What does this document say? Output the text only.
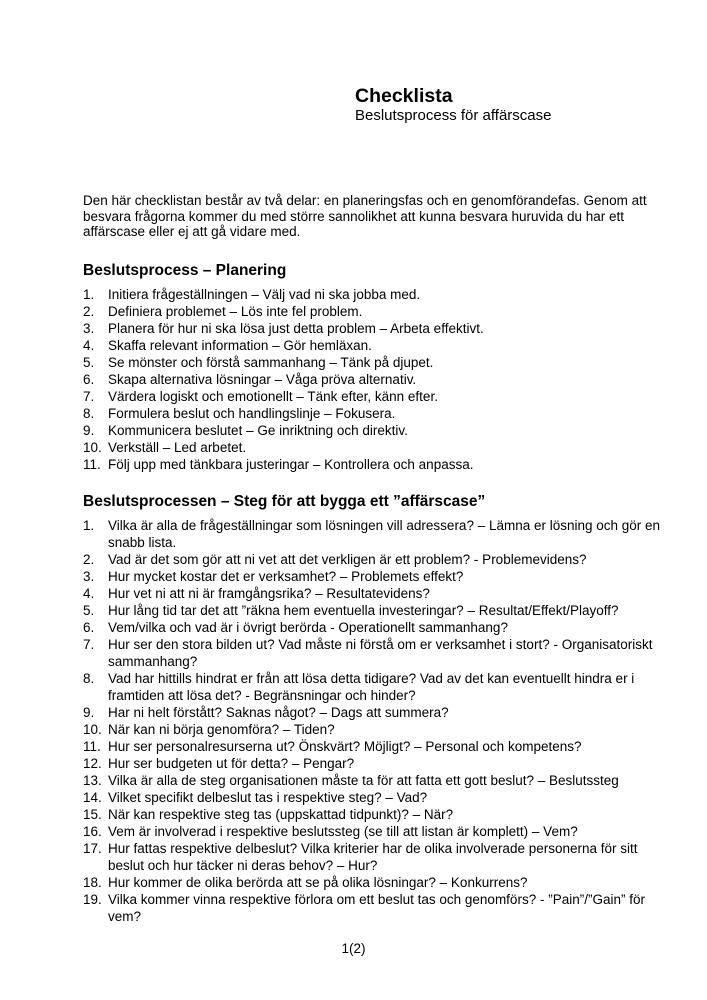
Checklista
Beslutsprocess för affärscase

Den här checklistan består av två delar: en planeringsfas och en genomförandefas. Genom att besvara frågorna kommer du med större sannolikhet att kunna besvara huruvida du har ett affärscase eller ej att gå vidare med.

Beslutsprocess – Planering
Initiera frågeställningen – Välj vad ni ska jobba med.
Definiera problemet – Lös inte fel problem.
Planera för hur ni ska lösa just detta problem – Arbeta effektivt.
Skaffa relevant information – Gör hemläxan.
Se mönster och förstå sammanhang – Tänk på djupet.
Skapa alternativa lösningar – Våga pröva alternativ.
Värdera logiskt och emotionellt – Tänk efter, känn efter.
Formulera beslut och handlingslinje – Fokusera.
Kommunicera beslutet – Ge inriktning och direktiv.
Verkställ – Led arbetet.
Följ upp med tänkbara justeringar – Kontrollera och anpassa.
Beslutsprocessen – Steg för att bygga ett ”affärscase”
Vilka är alla de frågeställningar som lösningen vill adressera? – Lämna er lösning och gör en snabb lista.
Vad är det som gör att ni vet att det verkligen är ett problem? - Problemevidens?
Hur mycket kostar det er verksamhet? – Problemets effekt?
Hur vet ni att ni är framgångsrika? – Resultatevidens?
Hur lång tid tar det att ”räkna hem eventuella investeringar? – Resultat/Effekt/Playoff?
Vem/vilka och vad är i övrigt berörda - Operationellt sammanhang?
Hur ser den stora bilden ut? Vad måste ni förstå om er verksamhet i stort? - Organisatoriskt sammanhang?
Vad har hittills hindrat er från att lösa detta tidigare? Vad av det kan eventuellt hindra er i framtiden att lösa det? - Begränsningar och hinder?
Har ni helt förstått? Saknas något? – Dags att summera?
När kan ni börja genomföra? – Tiden?
Hur ser personalresurserna ut? Önskvärt? Möjligt? – Personal och kompetens?
Hur ser budgeten ut för detta? – Pengar?
Vilka är alla de steg organisationen måste ta för att fatta ett gott beslut? – Beslutssteg
Vilket specifikt delbeslut tas i respektive steg? – Vad?
När kan respektive steg tas (uppskattad tidpunkt)? – När?
Vem är involverad i respektive beslutssteg (se till att listan är komplett) – Vem?
Hur fattas respektive delbeslut? Vilka kriterier har de olika involverade personerna för sitt beslut och hur täcker ni deras behov? – Hur?
Hur kommer de olika berörda att se på olika lösningar? – Konkurrens?
Vilka kommer vinna respektive förlora om ett beslut tas och genomförs? - ”Pain”/”Gain” för vem?
1(2)
